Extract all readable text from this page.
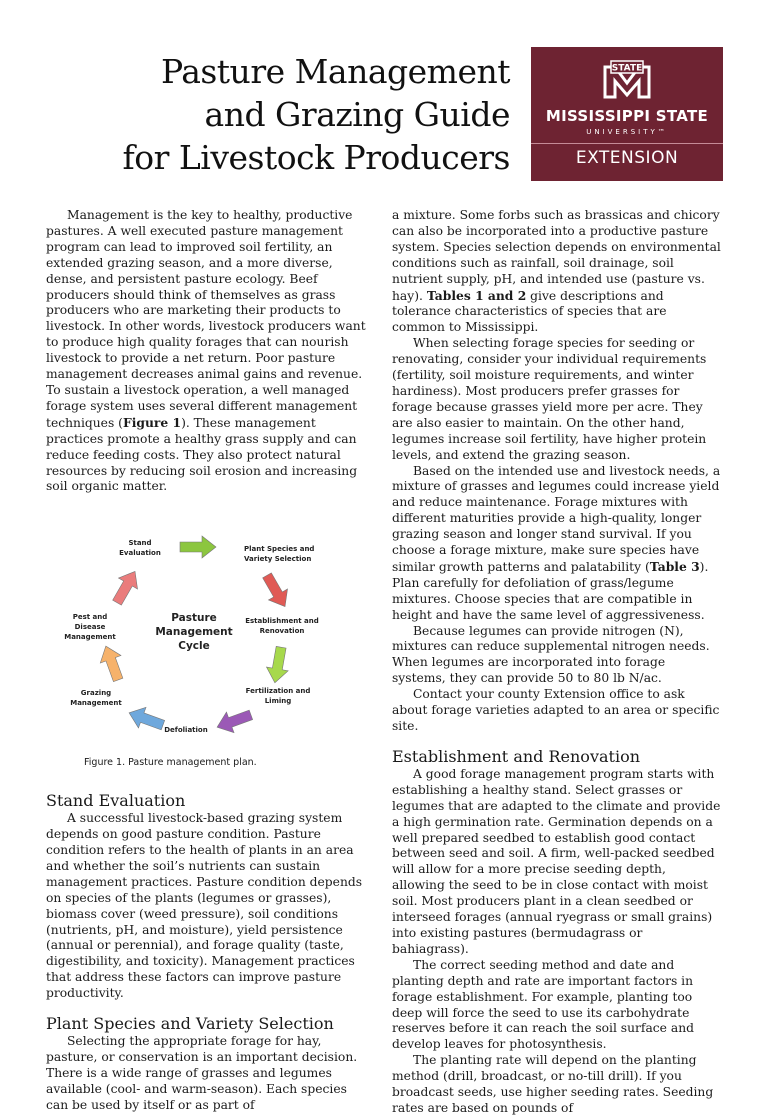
Pasture Management
and Grazing Guide
for Livestock Producers
STATE
MISSISSIPPI STATE
UNIVERSITY™
EXTENSION

Management is the key to healthy, productive pastures. A well executed pasture management program can lead to improved soil fertility, an extended grazing season, and a more diverse, dense, and persistent pasture ecology. Beef producers should think of themselves as grass producers who are marketing their products to livestock. In other words, livestock producers want to produce high quality forages that can nourish livestock to provide a net return. Poor pasture management decreases animal gains and revenue. To sustain a livestock operation, a well managed forage system uses several different management techniques (Figure 1). These management practices promote a healthy grass supply and can reduce feeding costs. They also protect natural resources by reducing soil erosion and increasing soil organic matter.

Pasture
Management
Cycle
Plant Species and
Variety Selection
Establishment and
Renovation
Fertilization and
Liming
Defoliation
Grazing
Management
Pest and
Disease
Management
Stand
Evaluation
Figure 1. Pasture management plan.
Stand Evaluation

A successful livestock-based grazing system depends on good pasture condition. Pasture condition refers to the health of plants in an area and whether the soil’s nutrients can sustain management practices. Pasture condition depends on species of the plants (legumes or grasses), biomass cover (weed pressure), soil conditions (nutrients, pH, and moisture), yield persistence (annual or perennial), and forage quality (taste, digestibility, and toxicity). Management practices that address these factors can improve pasture productivity.

Plant Species and Variety Selection

Selecting the appropriate forage for hay, pasture, or conservation is an important decision. There is a wide range of grasses and legumes available (cool- and warm-season). Each species can be used by itself or as part of

a mixture. Some forbs such as brassicas and chicory can also be incorporated into a productive pasture system. Species selection depends on environmental conditions such as rainfall, soil drainage, soil nutrient supply, pH, and intended use (pasture vs. hay). Tables 1 and 2 give descriptions and tolerance characteristics of species that are common to Mississippi.

When selecting forage species for seeding or renovating, consider your individual requirements (fertility, soil moisture requirements, and winter hardiness). Most producers prefer grasses for forage because grasses yield more per acre. They are also easier to maintain. On the other hand, legumes increase soil fertility, have higher protein levels, and extend the grazing season.

Based on the intended use and livestock needs, a mixture of grasses and legumes could increase yield and reduce maintenance. Forage mixtures with different maturities provide a high-quality, longer grazing season and longer stand survival. If you choose a forage mixture, make sure species have similar growth patterns and palatability (Table 3). Plan carefully for defoliation of grass/legume mixtures. Choose species that are compatible in height and have the same level of aggressiveness.

Because legumes can provide nitrogen (N), mixtures can reduce supplemental nitrogen needs. When legumes are incorporated into forage systems, they can provide 50 to 80 lb N/ac.

Contact your county Extension office to ask about forage varieties adapted to an area or specific site.

Establishment and Renovation

A good forage management program starts with establishing a healthy stand. Select grasses or legumes that are adapted to the climate and provide a high germination rate. Germination depends on a well prepared seedbed to establish good contact between seed and soil. A firm, well-packed seedbed will allow for a more precise seeding depth, allowing the seed to be in close contact with moist soil. Most producers plant in a clean seedbed or interseed forages (annual ryegrass or small grains) into existing pastures (bermudagrass or bahiagrass).

The correct seeding method and date and planting depth and rate are important factors in forage establishment. For example, planting too deep will force the seed to use its carbohydrate reserves before it can reach the soil surface and develop leaves for photosynthesis.

The planting rate will depend on the planting method (drill, broadcast, or no-till drill). If you broadcast seeds, use higher seeding rates. Seeding rates are based on pounds of
